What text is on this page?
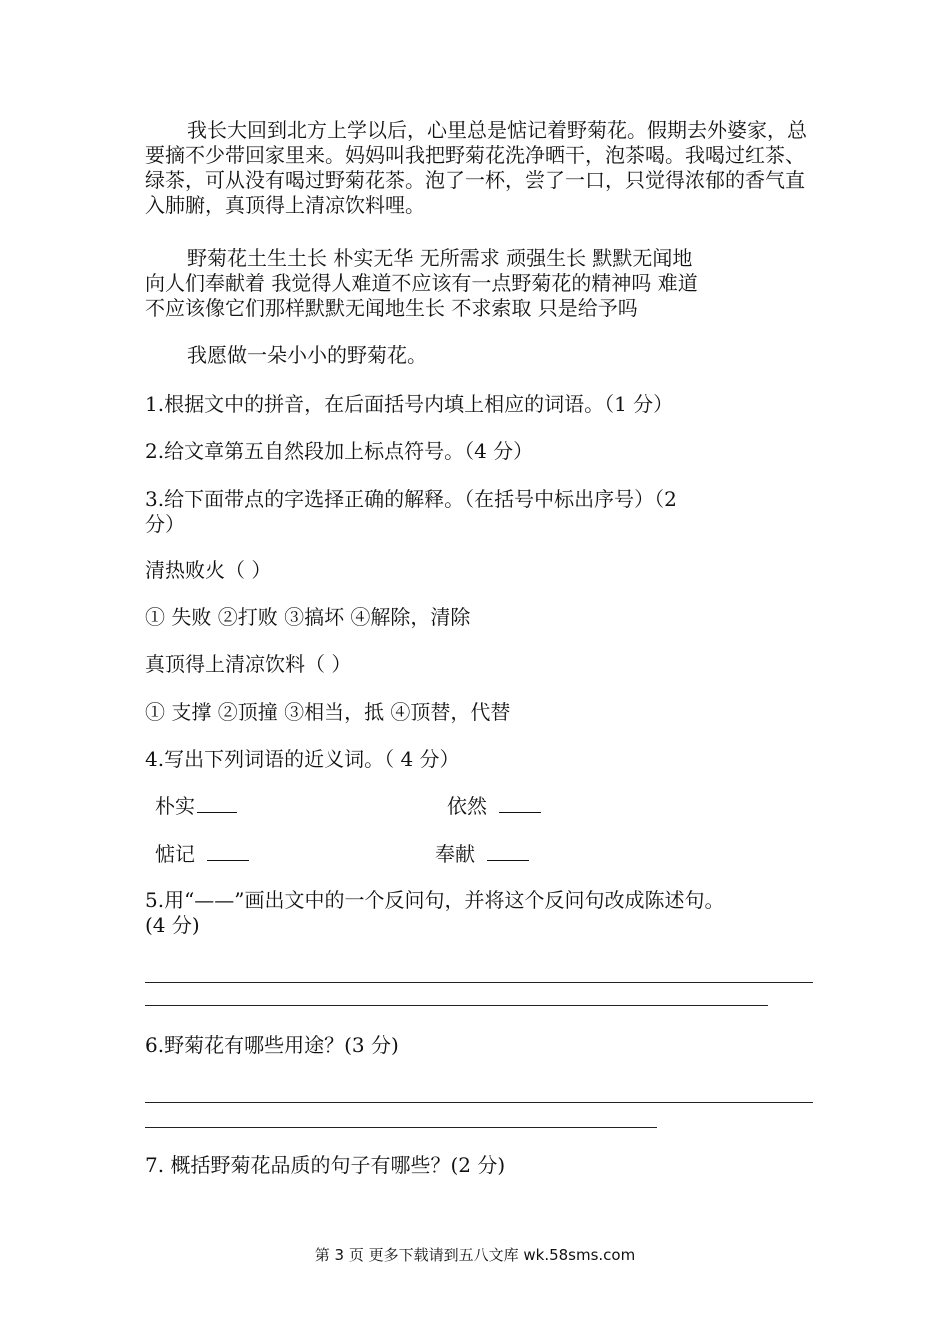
我长大回到北方上学以后，心里总是惦记着野菊花。假期去外婆家，总要摘不少带回家里来。妈妈叫我把野菊花洗净晒干，泡茶喝。我喝过红茶、绿茶，可从没有喝过野菊花茶。泡了一杯，尝了一口，只觉得浓郁的香气直入肺腑，真顶得上清凉饮料哩。

野菊花土生土长 朴实无华 无所需求 顽强生长 默默无闻地
向人们奉献着 我觉得人难道不应该有一点野菊花的精神吗 难道
不应该像它们那样默默无闻地生长 不求索取 只是给予吗
我愿做一朵小小的野菊花。
1.根据文中的拼音，在后面括号内填上相应的词语。（1 分）
2.给文章第五自然段加上标点符号。（4 分）
3.给下面带点的字选择正确的解释。（在括号中标出序号）（2
分）
清热败火（ ）
① 失败 ②打败 ③搞坏 ④解除，清除
真顶得上清凉饮料（ ）
① 支撑 ②顶撞 ③相当，抵 ④顶替，代替
4.写出下列词语的近义词。（ 4 分）
朴实	依然
惦记	奉献
5.用“——”画出文中的一个反问句，并将这个反问句改成陈述句。
(4 分)
6.野菊花有哪些用途？(3 分)
7. 概括野菊花品质的句子有哪些？(2 分)
第 3 页 更多下载请到五八文库 wk.58sms.com
